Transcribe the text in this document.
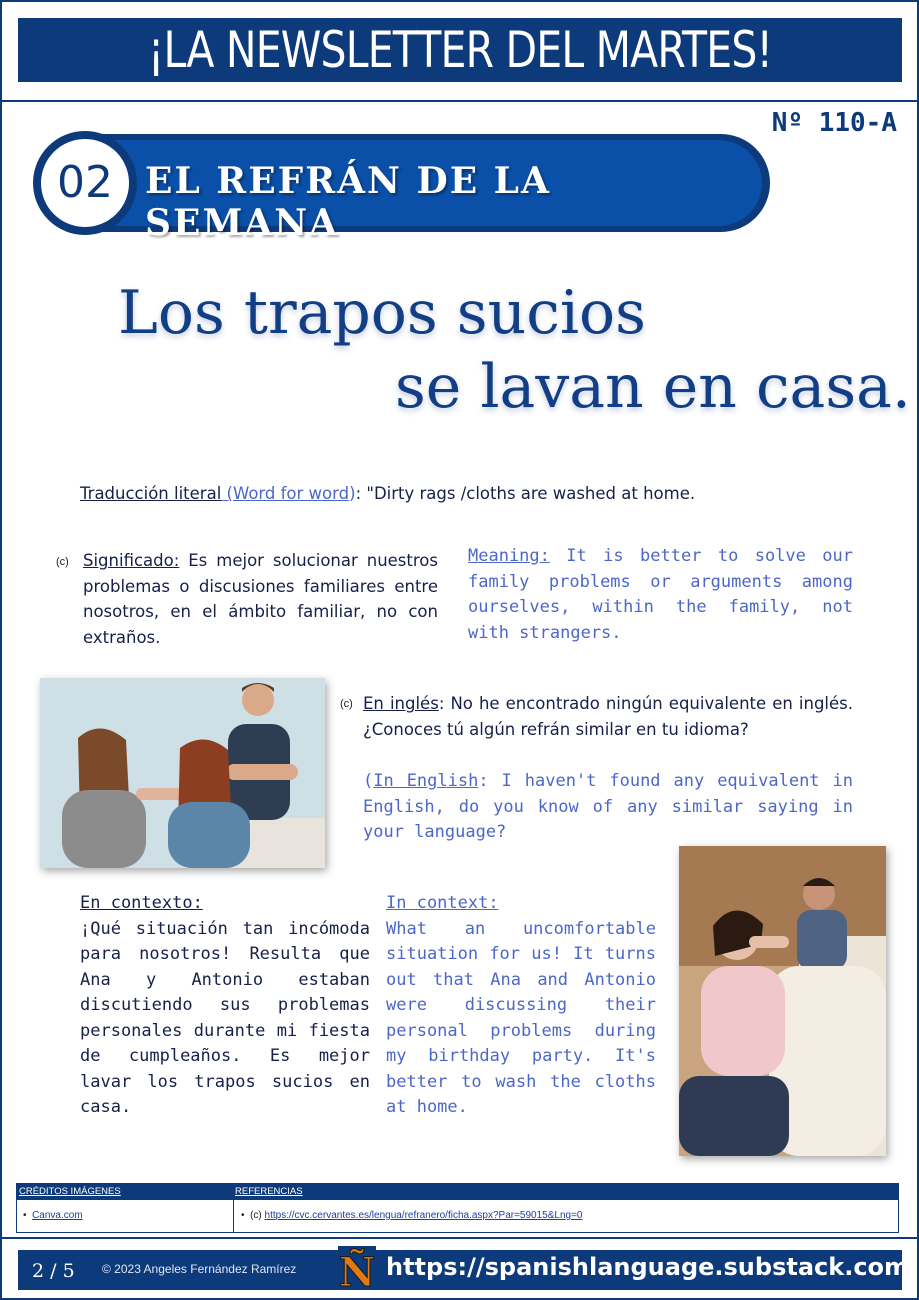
¡LA NEWSLETTER DEL MARTES!
Nº 110-A
EL REFRÁN DE LA SEMANA
02
Los trapos sucios
se lavan en casa.
Traducción literal (Word for word): "Dirty rags /cloths are washed at home.
(c) Significado: Es mejor solucionar nuestros problemas o discusiones familiares entre nosotros, en el ámbito familiar, no con extraños.
Meaning: It is better to solve our family problems or arguments among ourselves, within the family, not with strangers.
(c) En inglés: No he encontrado ningún equivalente en inglés. ¿Conoces tú algún refrán similar en tu idioma?
(In English: I haven't found any equivalent in English, do you know of any similar saying in your language?
En contexto:
¡Qué situación tan incómoda para nosotros! Resulta que Ana y Antonio estaban discutiendo sus problemas personales durante mi fiesta de cumpleaños. Es mejor lavar los trapos sucios en casa.
In context:
What an uncomfortable situation for us! It turns out that Ana and Antonio were discussing their personal problems during my birthday party. It's better to wash the cloths at home.
CRÉDITOS IMÁGENES	REFERENCIAS
•  Canva.com	•  (c) https://cvc.cervantes.es/lengua/refranero/ficha.aspx?Par=59015&Lng=0
2 / 5 © 2023 Angeles Fernández Ramírez Ñ https://spanishlanguage.substack.com
